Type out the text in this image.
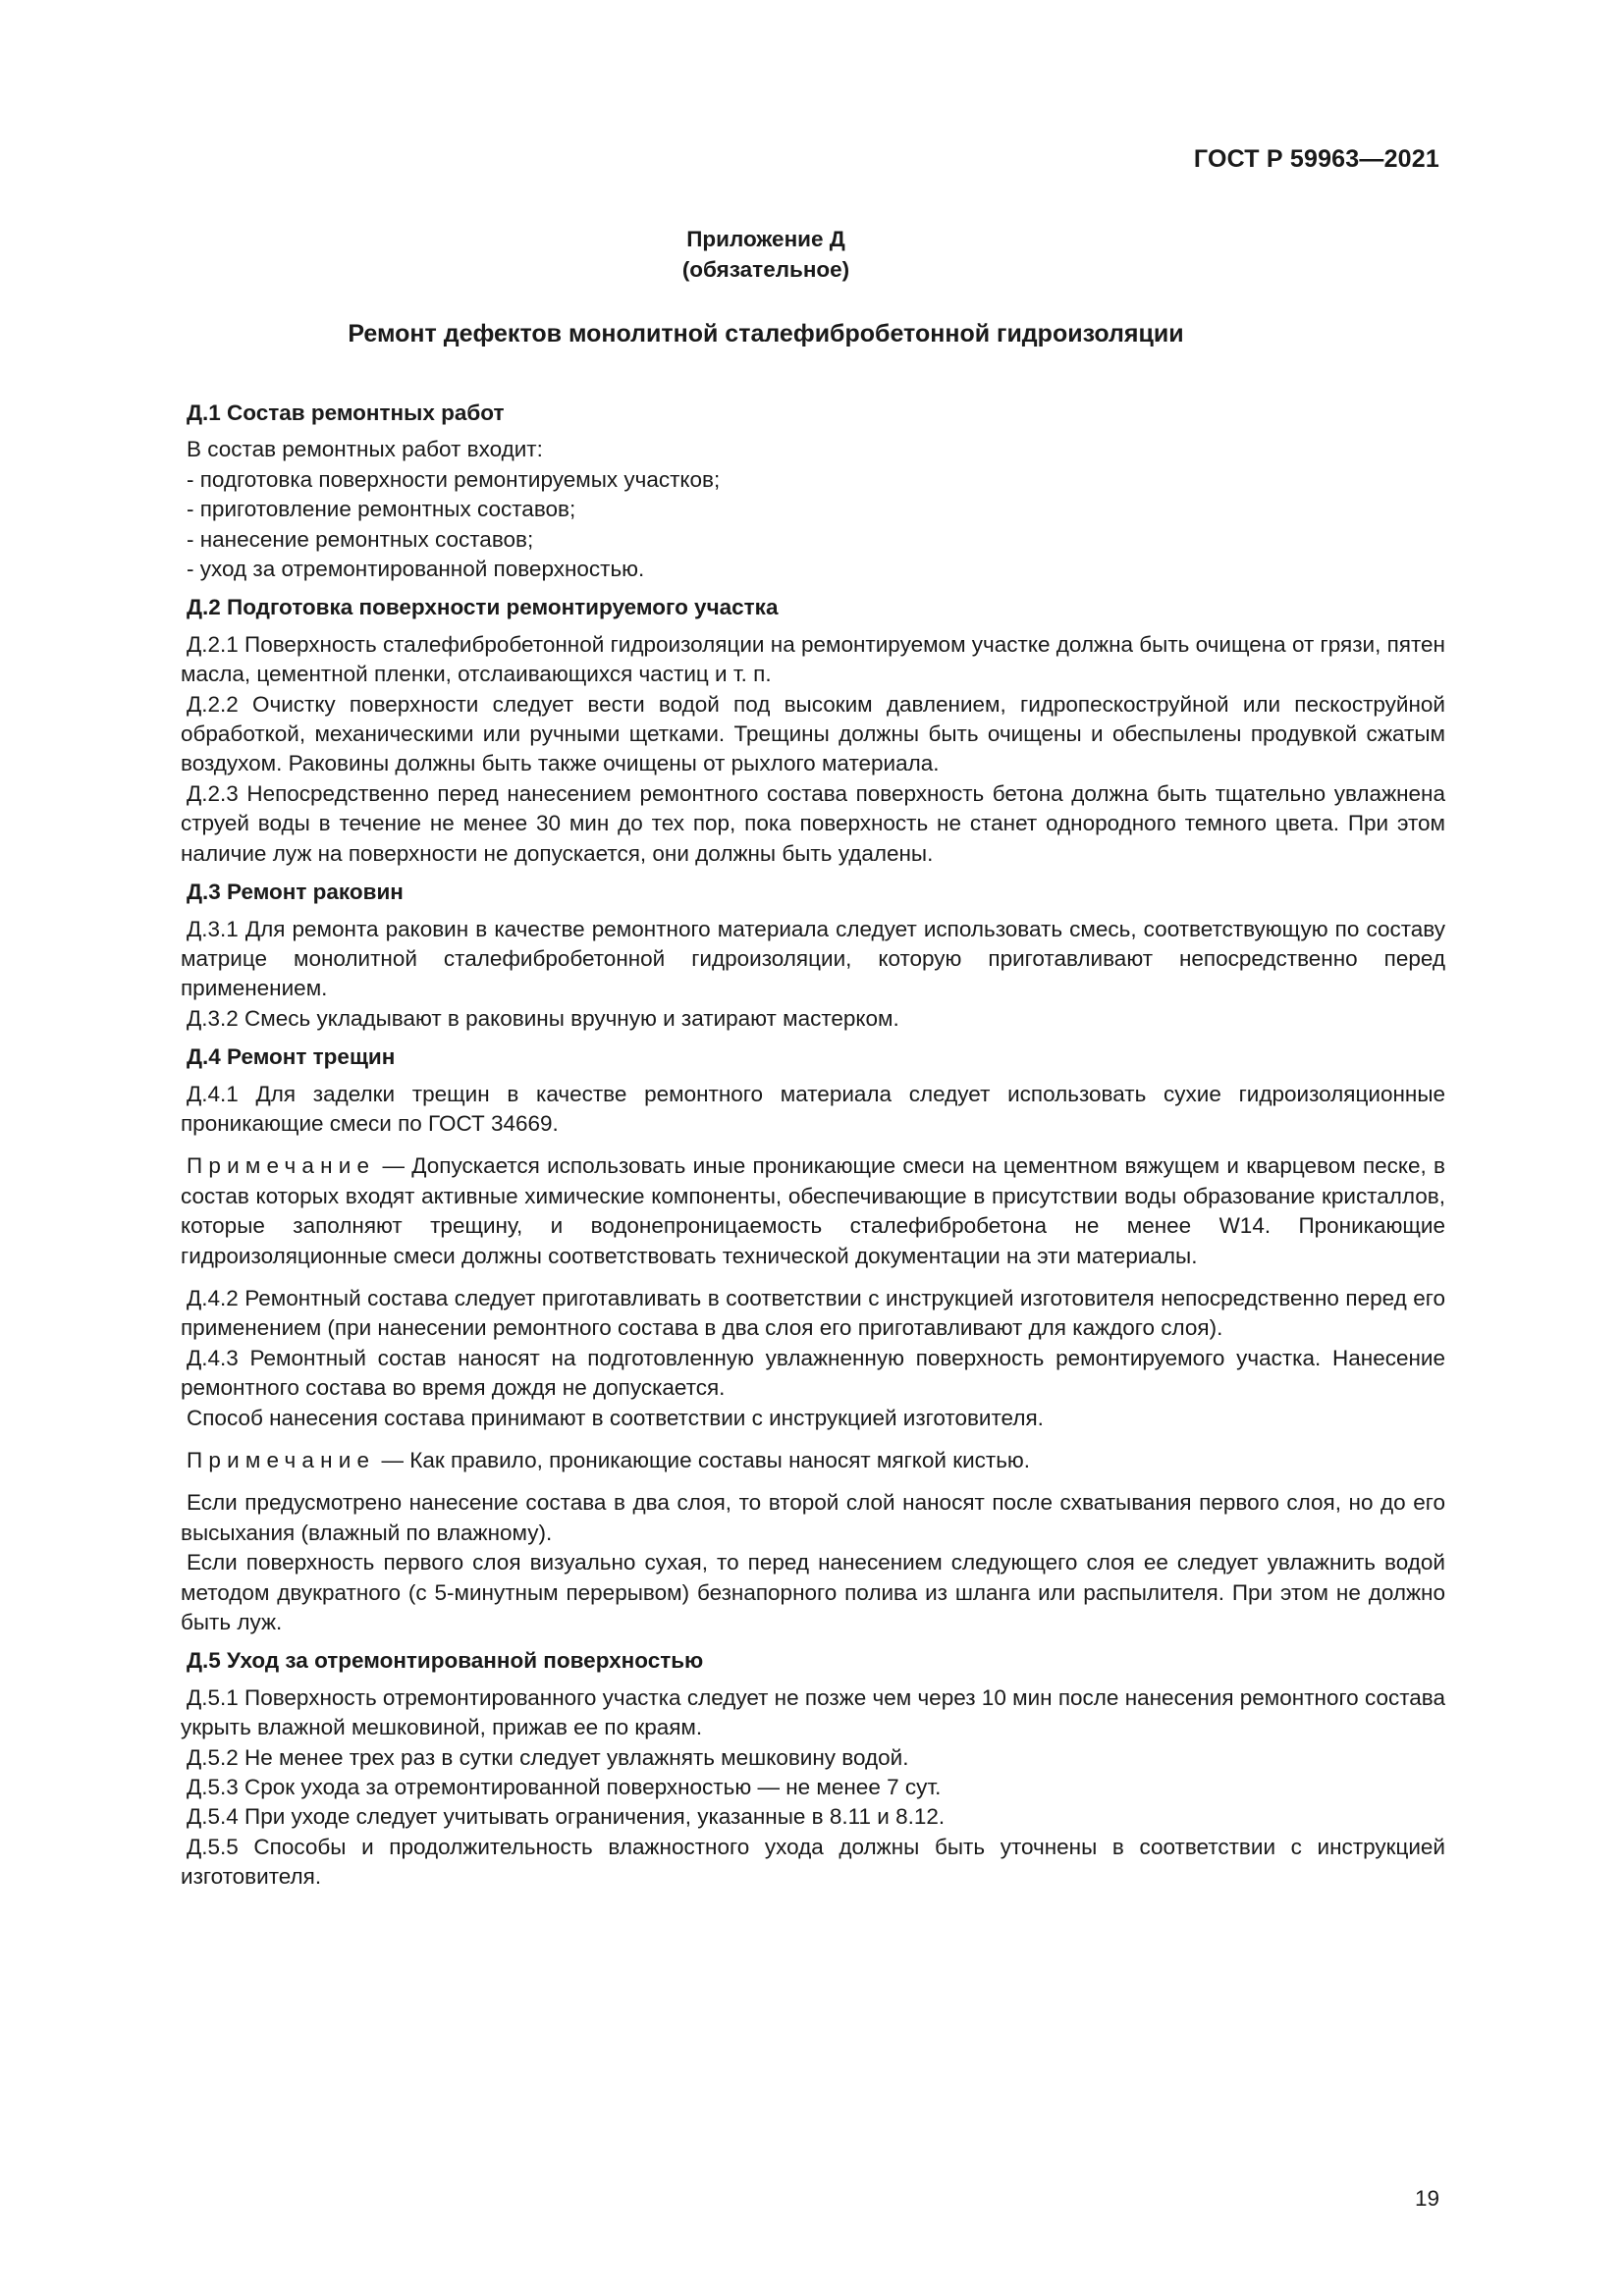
ГОСТ Р 59963—2021
Приложение Д
(обязательное)
Ремонт дефектов монолитной сталефибробетонной гидроизоляции

Д.1 Состав ремонтных работ

В состав ремонтных работ входит:

- подготовка поверхности ремонтируемых участков;

- приготовление ремонтных составов;

- нанесение ремонтных составов;

- уход за отремонтированной поверхностью.

Д.2 Подготовка поверхности ремонтируемого участка

Д.2.1 Поверхность сталефибробетонной гидроизоляции на ремонтируемом участке должна быть очищена от грязи, пятен масла, цементной пленки, отслаивающихся частиц и т. п.

Д.2.2 Очистку поверхности следует вести водой под высоким давлением, гидропескоструйной или пескоструйной обработкой, механическими или ручными щетками. Трещины должны быть очищены и обеспылены продувкой сжатым воздухом. Раковины должны быть также очищены от рыхлого материала.

Д.2.3 Непосредственно перед нанесением ремонтного состава поверхность бетона должна быть тщательно увлажнена струей воды в течение не менее 30 мин до тех пор, пока поверхность не станет однородного темного цвета. При этом наличие луж на поверхности не допускается, они должны быть удалены.

Д.3 Ремонт раковин

Д.3.1 Для ремонта раковин в качестве ремонтного материала следует использовать смесь, соответствующую по составу матрице монолитной сталефибробетонной гидроизоляции, которую приготавливают непосредственно перед применением.

Д.3.2 Смесь укладывают в раковины вручную и затирают мастерком.

Д.4 Ремонт трещин

Д.4.1 Для заделки трещин в качестве ремонтного материала следует использовать сухие гидроизоляционные проникающие смеси по ГОСТ 34669.

Примечание — Допускается использовать иные проникающие смеси на цементном вяжущем и кварцевом песке, в состав которых входят активные химические компоненты, обеспечивающие в присутствии воды образование кристаллов, которые заполняют трещину, и водонепроницаемость сталефибробетона не менее W14. Проникающие гидроизоляционные смеси должны соответствовать технической документации на эти материалы.

Д.4.2 Ремонтный состава следует приготавливать в соответствии с инструкцией изготовителя непосредственно перед его применением (при нанесении ремонтного состава в два слоя его приготавливают для каждого слоя).

Д.4.3 Ремонтный состав наносят на подготовленную увлажненную поверхность ремонтируемого участка. Нанесение ремонтного состава во время дождя не допускается.

Способ нанесения состава принимают в соответствии с инструкцией изготовителя.

Примечание — Как правило, проникающие составы наносят мягкой кистью.

Если предусмотрено нанесение состава в два слоя, то второй слой наносят после схватывания первого слоя, но до его высыхания (влажный по влажному).

Если поверхность первого слоя визуально сухая, то перед нанесением следующего слоя ее следует увлажнить водой методом двукратного (с 5-минутным перерывом) безнапорного полива из шланга или распылителя. При этом не должно быть луж.

Д.5 Уход за отремонтированной поверхностью

Д.5.1 Поверхность отремонтированного участка следует не позже чем через 10 мин после нанесения ремонтного состава укрыть влажной мешковиной, прижав ее по краям.

Д.5.2 Не менее трех раз в сутки следует увлажнять мешковину водой.

Д.5.3 Срок ухода за отремонтированной поверхностью — не менее 7 сут.

Д.5.4 При уходе следует учитывать ограничения, указанные в 8.11 и 8.12.

Д.5.5 Способы и продолжительность влажностного ухода должны быть уточнены в соответствии с инструкцией изготовителя.

19
